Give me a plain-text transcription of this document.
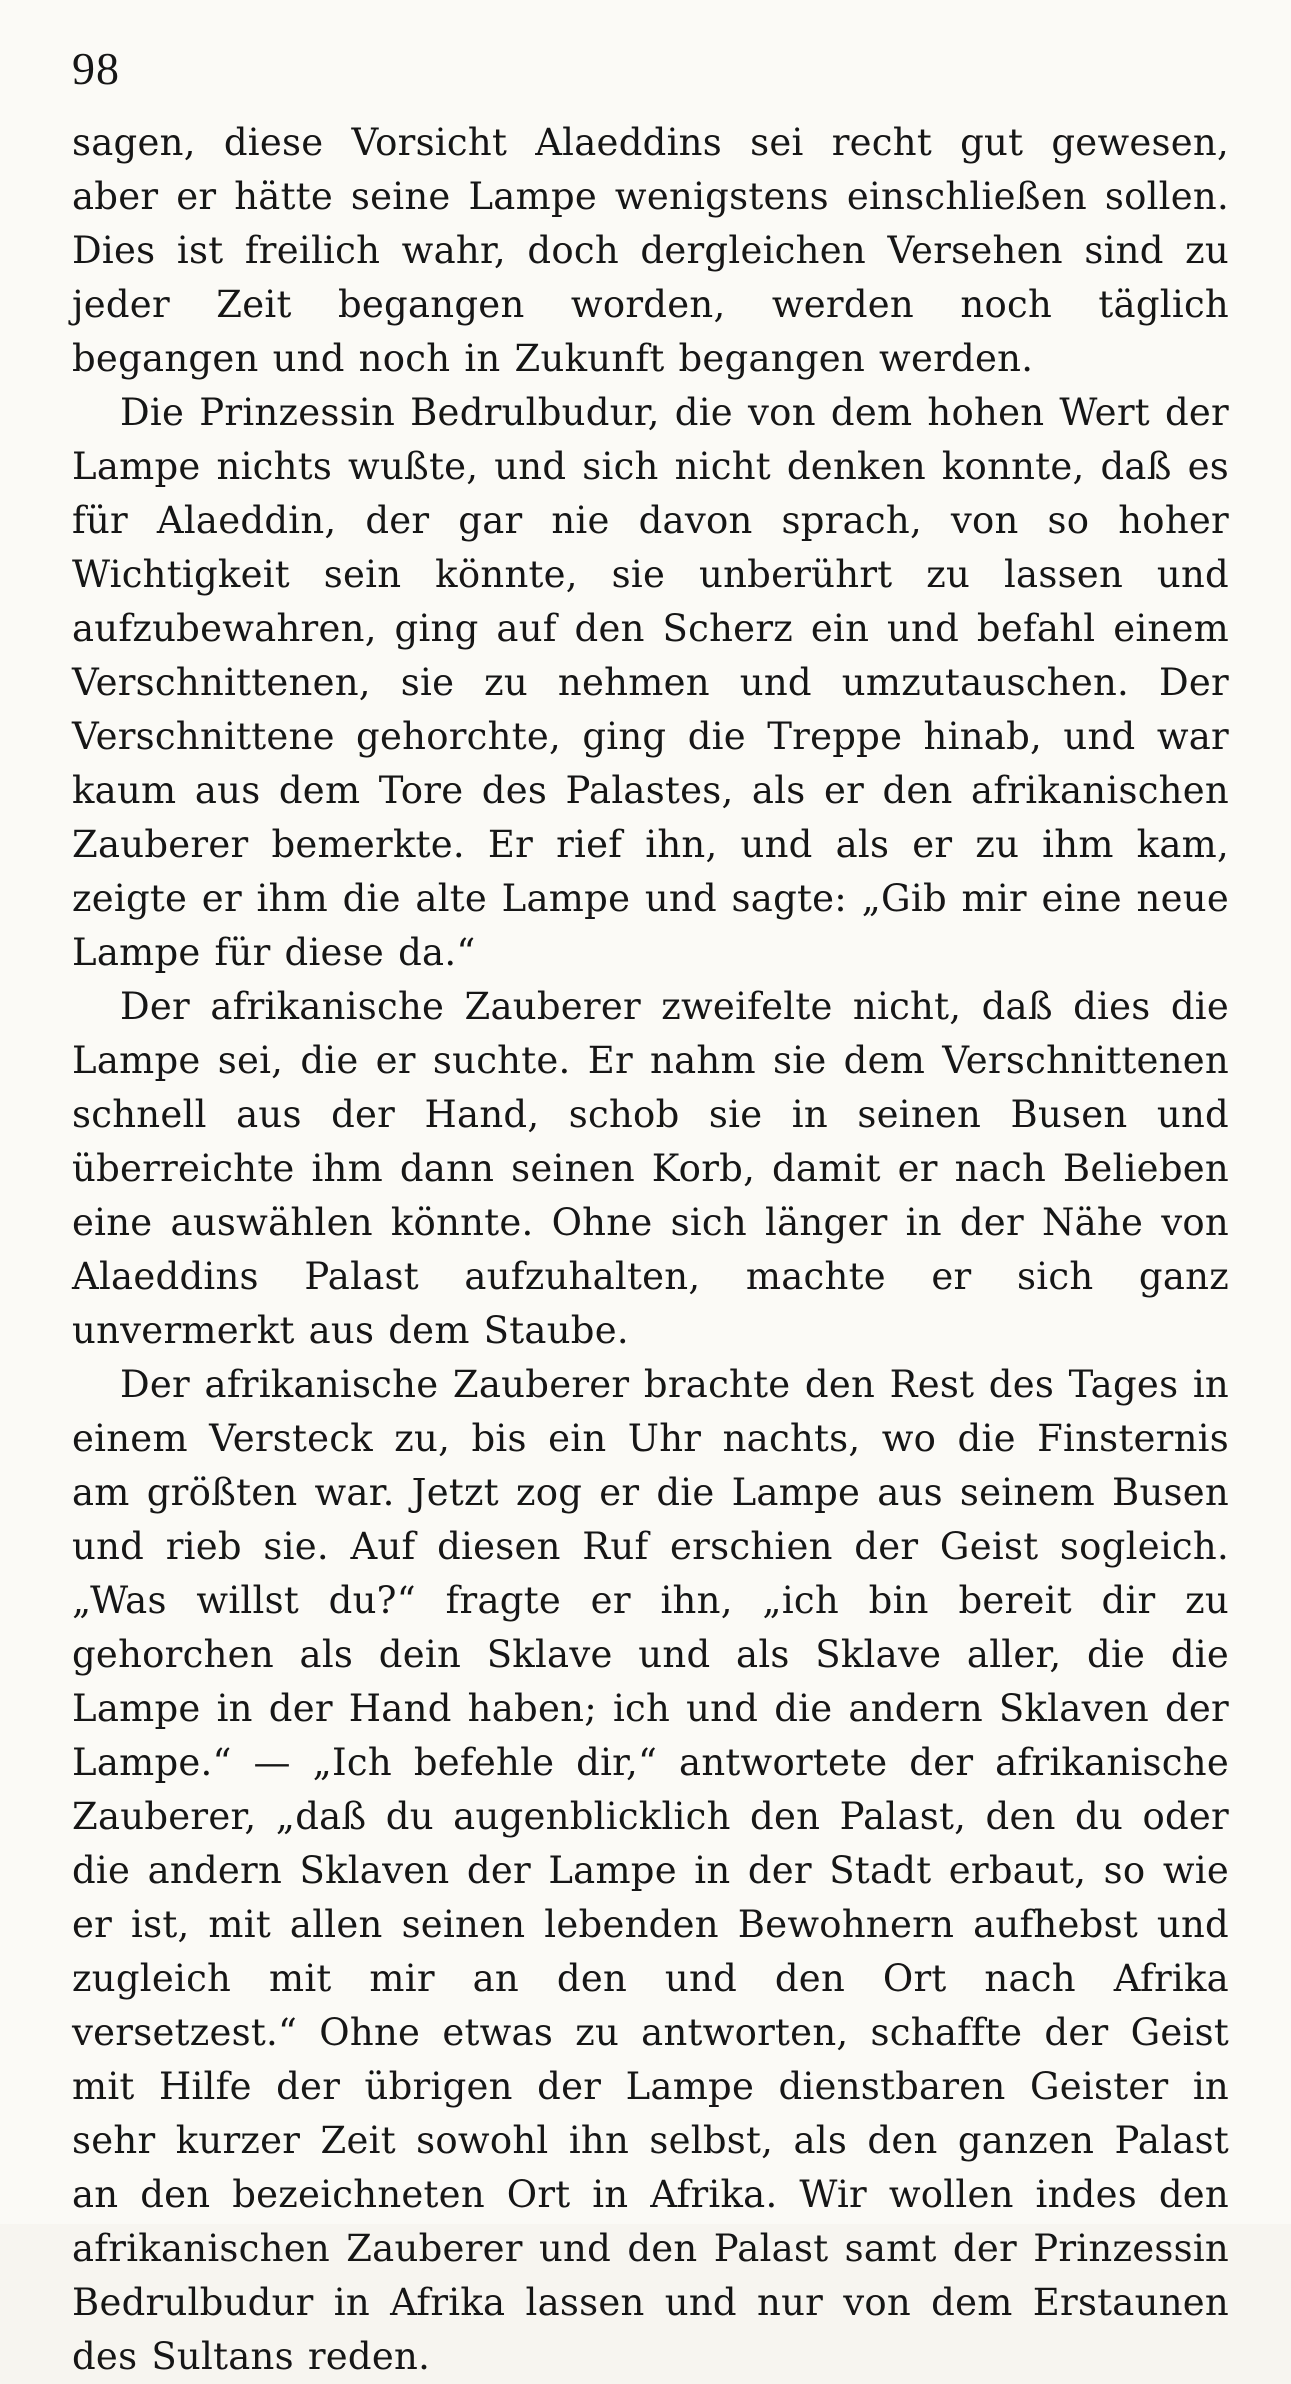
98

sagen, diese Vorsicht Alaeddins sei recht gut gewesen, aber er hätte seine Lampe wenigstens einschließen sollen. Dies ist freilich wahr, doch dergleichen Versehen sind zu jeder Zeit begangen worden, werden noch täglich begangen und noch in Zukunft begangen werden.

Die Prinzessin Bedrulbudur, die von dem hohen Wert der Lampe nichts wußte, und sich nicht denken konnte, daß es für Alaeddin, der gar nie davon sprach, von so hoher Wichtigkeit sein könnte, sie unberührt zu lassen und aufzubewahren, ging auf den Scherz ein und befahl einem Verschnittenen, sie zu nehmen und umzutauschen. Der Verschnittene gehorchte, ging die Treppe hinab, und war kaum aus dem Tore des Palastes, als er den afrikanischen Zauberer bemerkte. Er rief ihn, und als er zu ihm kam, zeigte er ihm die alte Lampe und sagte: „Gib mir eine neue Lampe für diese da.“

Der afrikanische Zauberer zweifelte nicht, daß dies die Lampe sei, die er suchte. Er nahm sie dem Verschnittenen schnell aus der Hand, schob sie in seinen Busen und überreichte ihm dann seinen Korb, damit er nach Belieben eine auswählen könnte. Ohne sich länger in der Nähe von Alaeddins Palast aufzuhalten, machte er sich ganz unvermerkt aus dem Staube.

Der afrikanische Zauberer brachte den Rest des Tages in einem Versteck zu, bis ein Uhr nachts, wo die Finsternis am größten war. Jetzt zog er die Lampe aus seinem Busen und rieb sie. Auf diesen Ruf erschien der Geist sogleich. „Was willst du?“ fragte er ihn, „ich bin bereit dir zu gehorchen als dein Sklave und als Sklave aller, die die Lampe in der Hand haben; ich und die andern Sklaven der Lampe.“ — „Ich befehle dir,“ antwortete der afrikanische Zauberer, „daß du augenblicklich den Palast, den du oder die andern Sklaven der Lampe in der Stadt erbaut, so wie er ist, mit allen seinen lebenden Bewohnern aufhebst und zugleich mit mir an den und den Ort nach Afrika versetzest.“ Ohne etwas zu antworten, schaffte der Geist mit Hilfe der übrigen der Lampe dienstbaren Geister in sehr kurzer Zeit sowohl ihn selbst, als den ganzen Palast an den bezeichneten Ort in Afrika. Wir wollen indes den afrikanischen Zauberer und den Palast samt der Prinzessin Bedrulbudur in Afrika lassen und nur von dem Erstaunen des Sultans reden.
